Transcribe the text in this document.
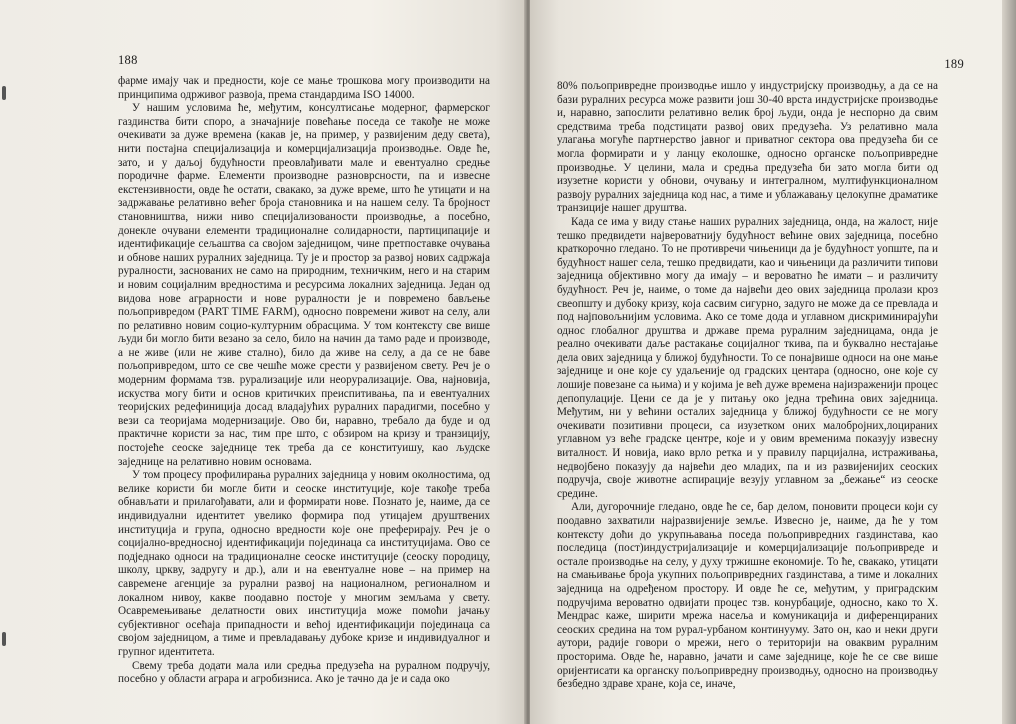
188

фарме имају чак и предности, које се мање трошкова могу производити на принципима одрживог развоја, према стандардима ISO 14000.

У нашим условима ће, међутим, консултисање модерног, фармерског газдинства бити споро, а значајније повећање поседа се такође не може очекивати за дуже времена (какав је, на пример, у развијеним деду света), нити постајна специјализација и комерцијализација производње. Овде ће, зато, и у даљој будућности преовлађивати мале и евентуално средње породичне фарме. Елементи производне разноврсности, па и извесне екстензивности, овде ће остати, свакако, за дуже време, што ће утицати и на задржавање релативно већег броја становника и на нашем селу. Та бројност становништва, нижи ниво специјализованости производње, а посебно, донекле очувани елементи традиционалне солидарности, партиципације и идентификације сељаштва са својом заједницом, чине претпоставке очувања и обнове наших руралних заједница. Ту је и простор за развој нових садржаја руралности, заснованих не само на природним, техничким, него и на старим и новим социјалним вредностима и ресурсима локалних заједница. Један од видова нове аграрности и нове руралности је и повремено бављење пољопривредом (PART TIME FARM), односно повремени живот на селу, али по релативно новим социо-културним обрасцима. У том контексту све више људи би могло бити везано за село, било на начин да тамо раде и производе, а не живе (или не живе стално), било да живе на селу, а да се не баве пољопривредом, што се све чешће може срести у развијеном свету. Реч је о модерним формама тзв. рурализације или неорурализације. Ова, најновија, искуства могу бити и основ критичких преиспитивања, па и евентуалних теоријских редефиниција досад владајућих руралних парадигми, посебно у вези са теоријама модернизације. Ово би, наравно, требало да буде и од практичне користи за нас, тим пре што, с обзиром на кризу и транзицију, постојеће сеоске заједнице тек треба да се конституишу, као људске заједнице на релативно новим основама.

У том процесу профилирања руралних заједница у новим околностима, од велике користи би могле бити и сеоске институције, које такође треба обнављати и прилагођавати, али и формирати нове. Познато је, наиме, да се индивидуални идентитет увелико формира под утицајем друштвених институција и група, односно вредности које оне преферирају. Реч је о социјално-вредносној идентификацији појединаца са институцијама. Ово се подједнако односи на традиционалне сеоске институције (сеоску породицу, школу, цркву, задругу и др.), али и на евентуалне нове – на пример на савремене агенције за рурални развој на националном, регионалном и локалном нивоу, какве поодавно постоје у многим земљама у свету. Осавремењивање делатности ових институција може помоћи јачању субјективног осећаја припадности и већој идентификацији појединаца са својом заједницом, а тиме и превладавању дубоке кризе и индивидуалног и групног идентитета.

Свему треба додати мала или средња предузећа на руралном подручју, посебно у области аграра и агробизниса. Ако је тачно да је и сада око

189

80% пољопривредне производње ишло у индустријску производњу, а да се на бази руралних ресурса може развити још 30-40 врста индустријске производње и, наравно, запослити релативно велик број људи, онда је неспорно да свим средствима треба подстицати развој ових предузећа. Уз релативно мала улагања могуће партнерство јавног и приватног сектора ова предузећа би се могла формирати и у ланцу еколошке, односно органске пољопривредне производње. У целини, мала и средња предузећа би зато могла бити од изузетне користи у обнови, очувању и интегралном, мултифункционалном развоју руралних заједница код нас, а тиме и ублажавању целокупне драматике транзиције нашег друштва.

Када се има у виду стање наших руралних заједница, онда, на жалост, није тешко предвидети највероватнију будућност већине ових заједница, посебно краткорочно гледано. То не противречи чињеници да је будућност уопште, па и будућност нашег села, тешко предвидати, као и чињеници да различити типови заједница објективно могу да имају – и вероватно ће имати – и различиту будућност. Реч је, наиме, о томе да највећи део ових заједница пролази кроз свеопшту и дубоку кризу, која сасвим сигурно, задуго не може да се превлада и под најповољнијим условима. Ако се томе дода и углавном дискриминирајући однос глобалног друштва и државе према руралним заједницама, онда је реално очекивати даље растакање социјалног ткива, па и буквално нестајање дела ових заједница у ближој будућности. То се понајвише односи на оне мање заједнице и оне које су удаљеније од градских центара (односно, оне које су лошије повезане са њима) и у којима је већ дуже времена најизраженији процес депопулације. Цени се да је у питању око једна трећина ових заједница. Међутим, ни у већини осталих заједница у ближој будућности се не могу очекивати позитивни процеси, са изузетком оних малобројних,лоцираних углавном уз веће градске центре, које и у овим временима показују извесну виталност. И новија, иако врло ретка и у правилу парцијална, истраживања, недвојбено показују да највећи део младих, па и из развијенијих сеоских подручја, своје животне аспирације везују углавном за „бежање“ из сеоске средине.

Али, дугорочније гледано, овде ће се, бар делом, поновити процеси који су поодавно захватили најразвијеније земље. Извесно је, наиме, да ће у том контексту доћи до укрупњавања поседа пољопривредних газдинстава, као последица (пост)индустријализације и комерцијализације пољопривреде и остале производње на селу, у духу тржишне економије. То ће, свакако, утицати на смањивање броја укупних пољопривредних газдинстава, а тиме и локалних заједница на одређеном простору. И овде ће се, међутим, у приградским подручјима вероватно одвијати процес тзв. конурбације, односно, како то Х. Мендрас каже, ширити мрежа насеља и комуникација и диференцираних сеоских средина на том рурал-урбаном континууму. Зато он, као и неки други аутори, радије говори о мрежи, него о територији на оваквим руралним просторима. Овде ће, наравно, јачати и саме заједнице, које ће се све више оријентисати ка органску пољопривредну производњу, односно на производњу безбедно здраве хране, која се, иначе,
